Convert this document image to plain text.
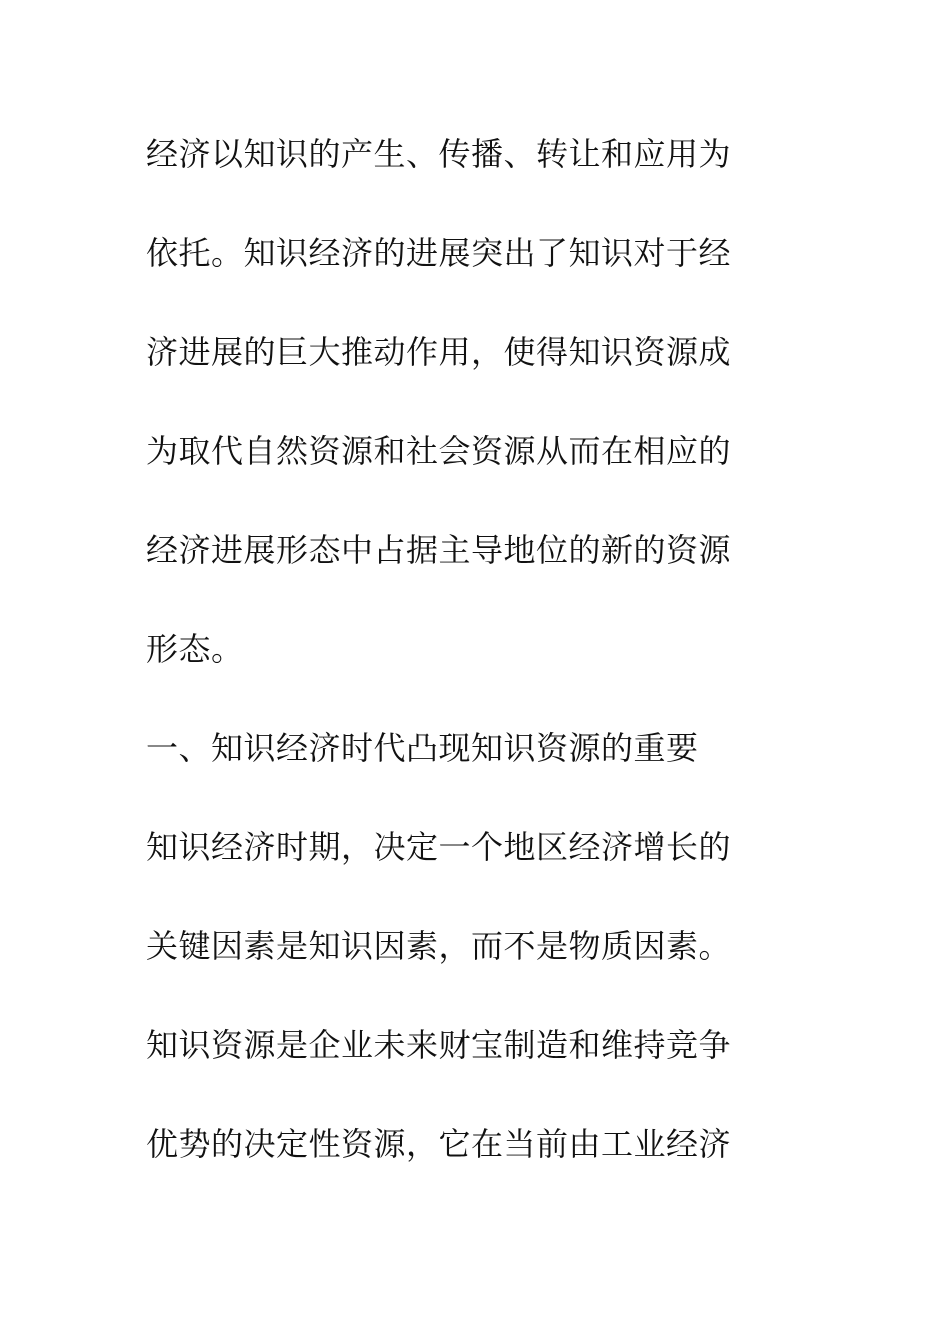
经济以知识的产生、传播、转让和应用为
依托。知识经济的进展突出了知识对于经
济进展的巨大推动作用，使得知识资源成
为取代自然资源和社会资源从而在相应的
经济进展形态中占据主导地位的新的资源
形态。
一、知识经济时代凸现知识资源的重要
知识经济时期，决定一个地区经济增长的
关键因素是知识因素，而不是物质因素。
知识资源是企业未来财宝制造和维持竞争
优势的决定性资源，它在当前由工业经济
